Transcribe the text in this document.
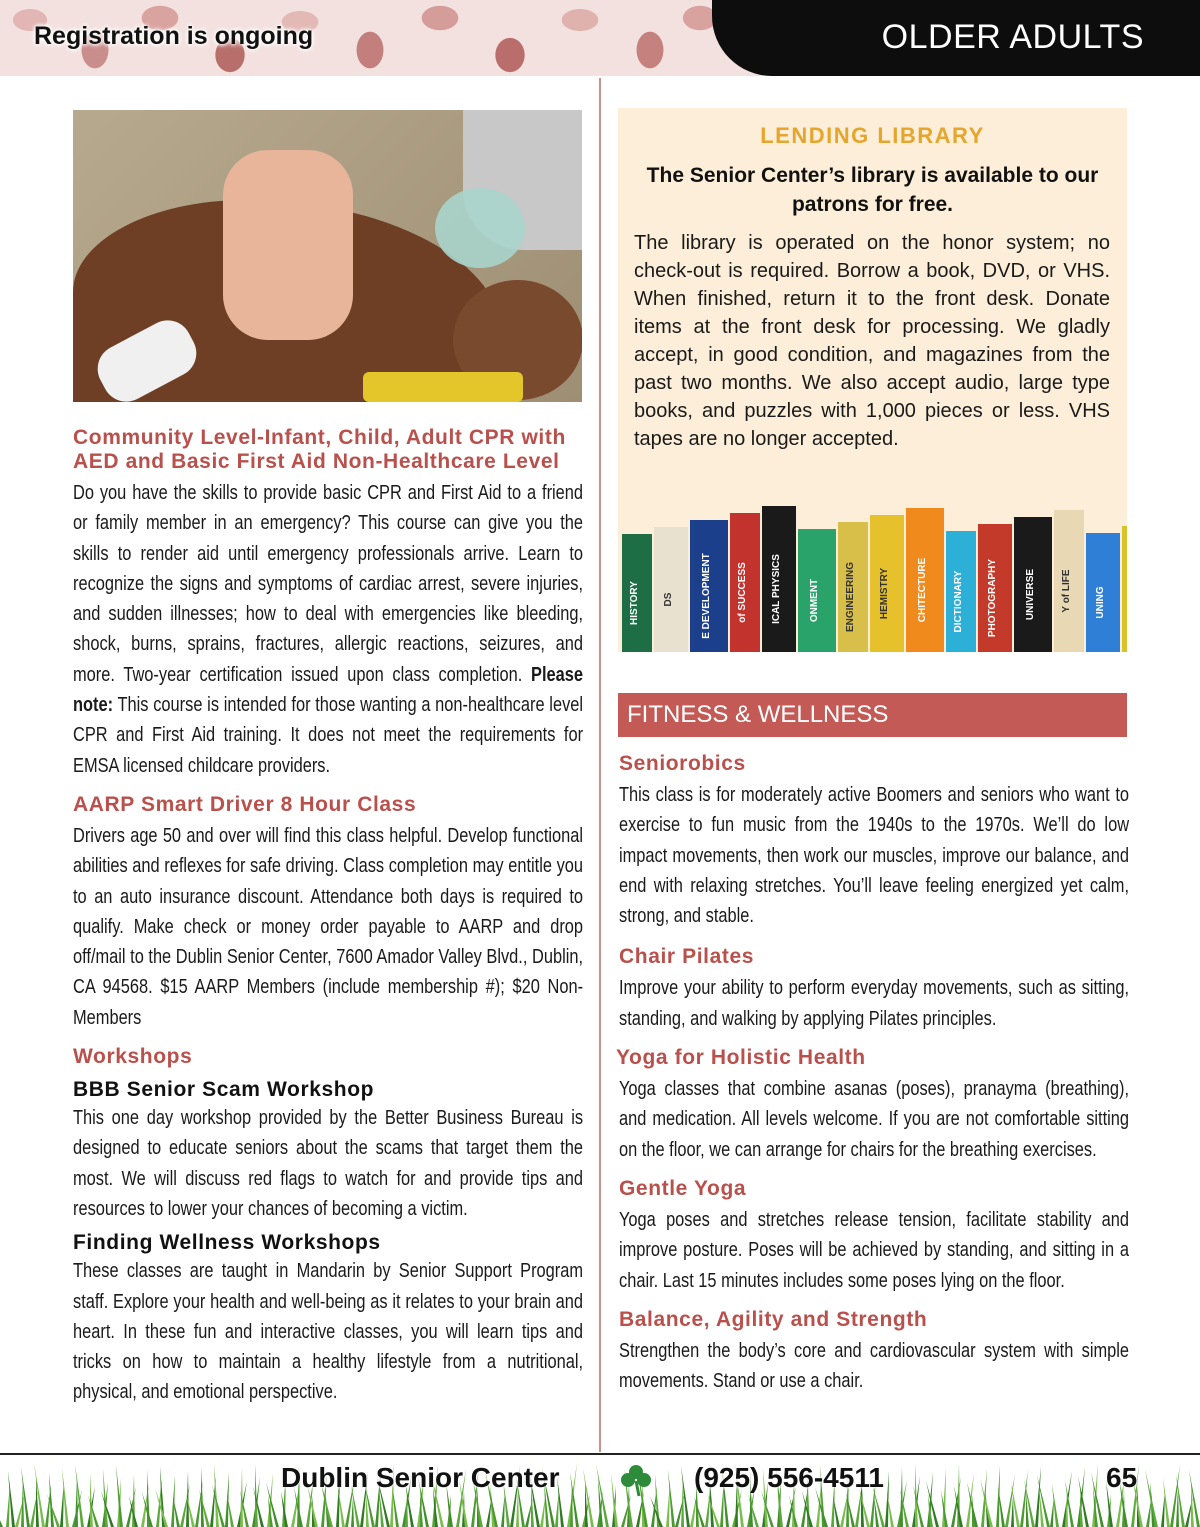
Registration is ongoing	OLDER ADULTS
Community Level-Infant, Child, Adult CPR with AED and Basic First Aid Non-Healthcare Level
Do you have the skills to provide basic CPR and First Aid to a friend or family member in an emergency? This course can give you the skills to render aid until emergency professionals arrive. Learn to recognize the signs and symptoms of cardiac arrest, severe injuries, and sudden illnesses; how to deal with emergencies like bleeding, shock, burns, sprains, fractures, allergic reactions, seizures, and more. Two-year certification issued upon class completion. Please note: This course is intended for those wanting a non-healthcare level CPR and First Aid training. It does not meet the requirements for EMSA licensed childcare providers.
AARP Smart Driver 8 Hour Class
Drivers age 50 and over will find this class helpful. Develop functional abilities and reflexes for safe driving. Class completion may entitle you to an auto insurance discount. Attendance both days is required to qualify. Make check or money order payable to AARP and drop off/mail to the Dublin Senior Center, 7600 Amador Valley Blvd., Dublin, CA 94568. $15 AARP Members (include membership #); $20 Non-Members
Workshops
BBB Senior Scam Workshop
This one day workshop provided by the Better Business Bureau is designed to educate seniors about the scams that target them the most. We will discuss red flags to watch for and provide tips and resources to lower your chances of becoming a victim.
Finding Wellness Workshops
These classes are taught in Mandarin by Senior Support Program staff. Explore your health and well-being as it relates to your brain and heart. In these fun and interactive classes, you will learn tips and tricks on how to maintain a healthy lifestyle from a nutritional, physical, and emotional perspective.
LENDING LIBRARY
The Senior Center’s library is available to our patrons for free.
The library is operated on the honor system; no check-out is required. Borrow a book, DVD, or VHS. When finished, return it to the front desk. Donate items at the front desk for processing. We gladly accept, in good condition, and magazines from the past two months. We also accept audio, large type books, and puzzles with 1,000 pieces or less. VHS tapes are no longer accepted.
HISTORY DS	E DEVELOPMENT	of SUCCESS ICAL PHYSICS	ONMENT	ENGINEERING HEMISTRY	CHITECTURE	DICTIONARY PHOTOGRAPHY	UNIVERSE	Y of LIFE UNING
FITNESS & WELLNESS
Seniorobics
This class is for moderately active Boomers and seniors who want to exercise to fun music from the 1940s to the 1970s. We’ll do low impact movements, then work our muscles, improve our balance, and end with relaxing stretches. You’ll leave feeling energized yet calm, strong, and stable.
Chair Pilates
Improve your ability to perform everyday movements, such as sitting, standing, and walking by applying Pilates principles.
Yoga for Holistic Health
Yoga classes that combine asanas (poses), pranayma (breathing), and medication. All levels welcome. If you are not comfortable sitting on the floor, we can arrange for chairs for the breathing exercises.
Gentle Yoga
Yoga poses and stretches release tension, facilitate stability and improve posture. Poses will be achieved by standing, and sitting in a chair. Last 15 minutes includes some poses lying on the floor.
Balance, Agility and Strength
Strengthen the body’s core and cardiovascular system with simple movements. Stand or use a chair.
Dublin Senior Center	(925) 556-4511	65
